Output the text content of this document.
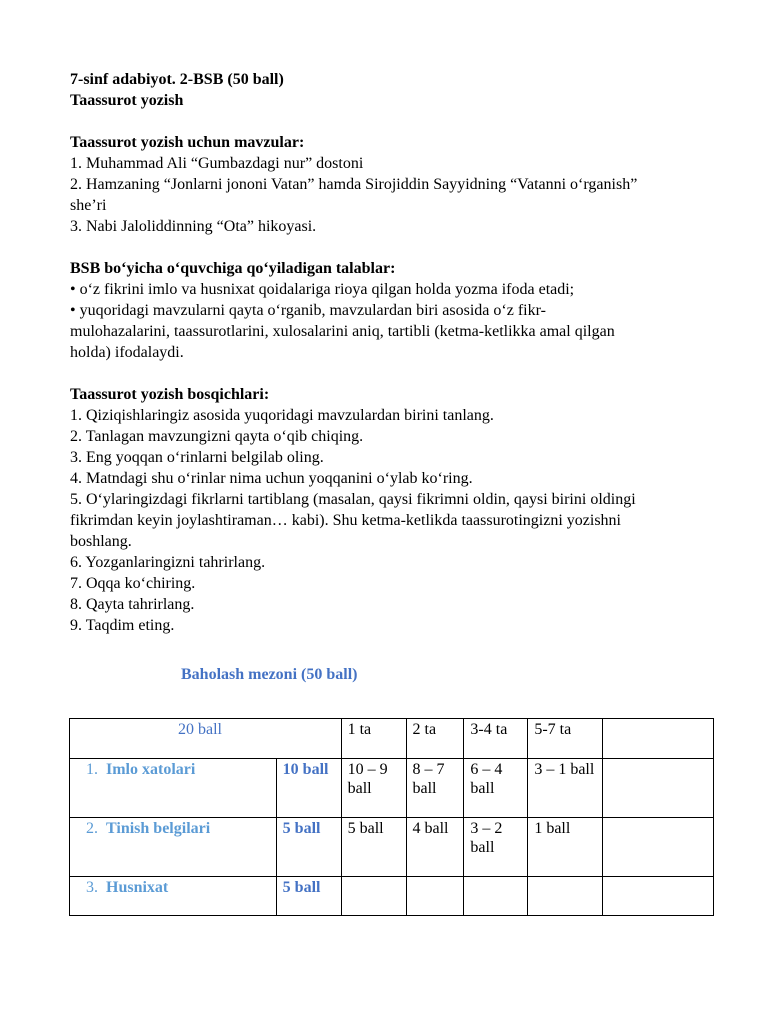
7-sinf adabiyot. 2-BSB (50 ball)

Taassurot yozish

Taassurot yozish uchun mavzular:

1. Muhammad Ali “Gumbazdagi nur” dostoni

2. Hamzaning “Jonlarni jononi Vatan” hamda Sirojiddin Sayyidning “Vatanni o‘rganish”

she’ri

3. Nabi Jaloliddinning “Ota” hikoyasi.

BSB bo‘yicha o‘quvchiga qo‘yiladigan talablar:

• o‘z fikrini imlo va husnixat qoidalariga rioya qilgan holda yozma ifoda etadi;

• yuqoridagi mavzularni qayta o‘rganib, mavzulardan biri asosida o‘z fikr-

mulohazalarini, taassurotlarini, xulosalarini aniq, tartibli (ketma-ketlikka amal qilgan

holda) ifodalaydi.

Taassurot yozish bosqichlari:

1. Qiziqishlaringiz asosida yuqoridagi mavzulardan birini tanlang.

2. Tanlagan mavzungizni qayta o‘qib chiqing.

3. Eng yoqqan o‘rinlarni belgilab oling.

4. Matndagi shu o‘rinlar nima uchun yoqqanini o‘ylab ko‘ring.

5. O‘ylaringizdagi fikrlarni tartiblang (masalan, qaysi fikrimni oldin, qaysi birini oldingi

fikrimdan keyin joylashtiraman… kabi). Shu ketma-ketlikda taassurotingizni yozishni

boshlang.

6. Yozganlaringizni tahrirlang.

7. Oqqa ko‘chiring.

8. Qayta tahrirlang.

9. Taqdim eting.

Baholash mezoni (50 ball)
20 ball		1 ta	2 ta	3-4 ta	5-7 ta	
1. Imlo xatolari	10 ball	10 – 9 ball	8 – 7 ball	6 – 4 ball	3 – 1 ball	
2. Tinish belgilari	5 ball	5 ball	4 ball	3 – 2 ball	1 ball	
3. Husnixat	5 ball					
